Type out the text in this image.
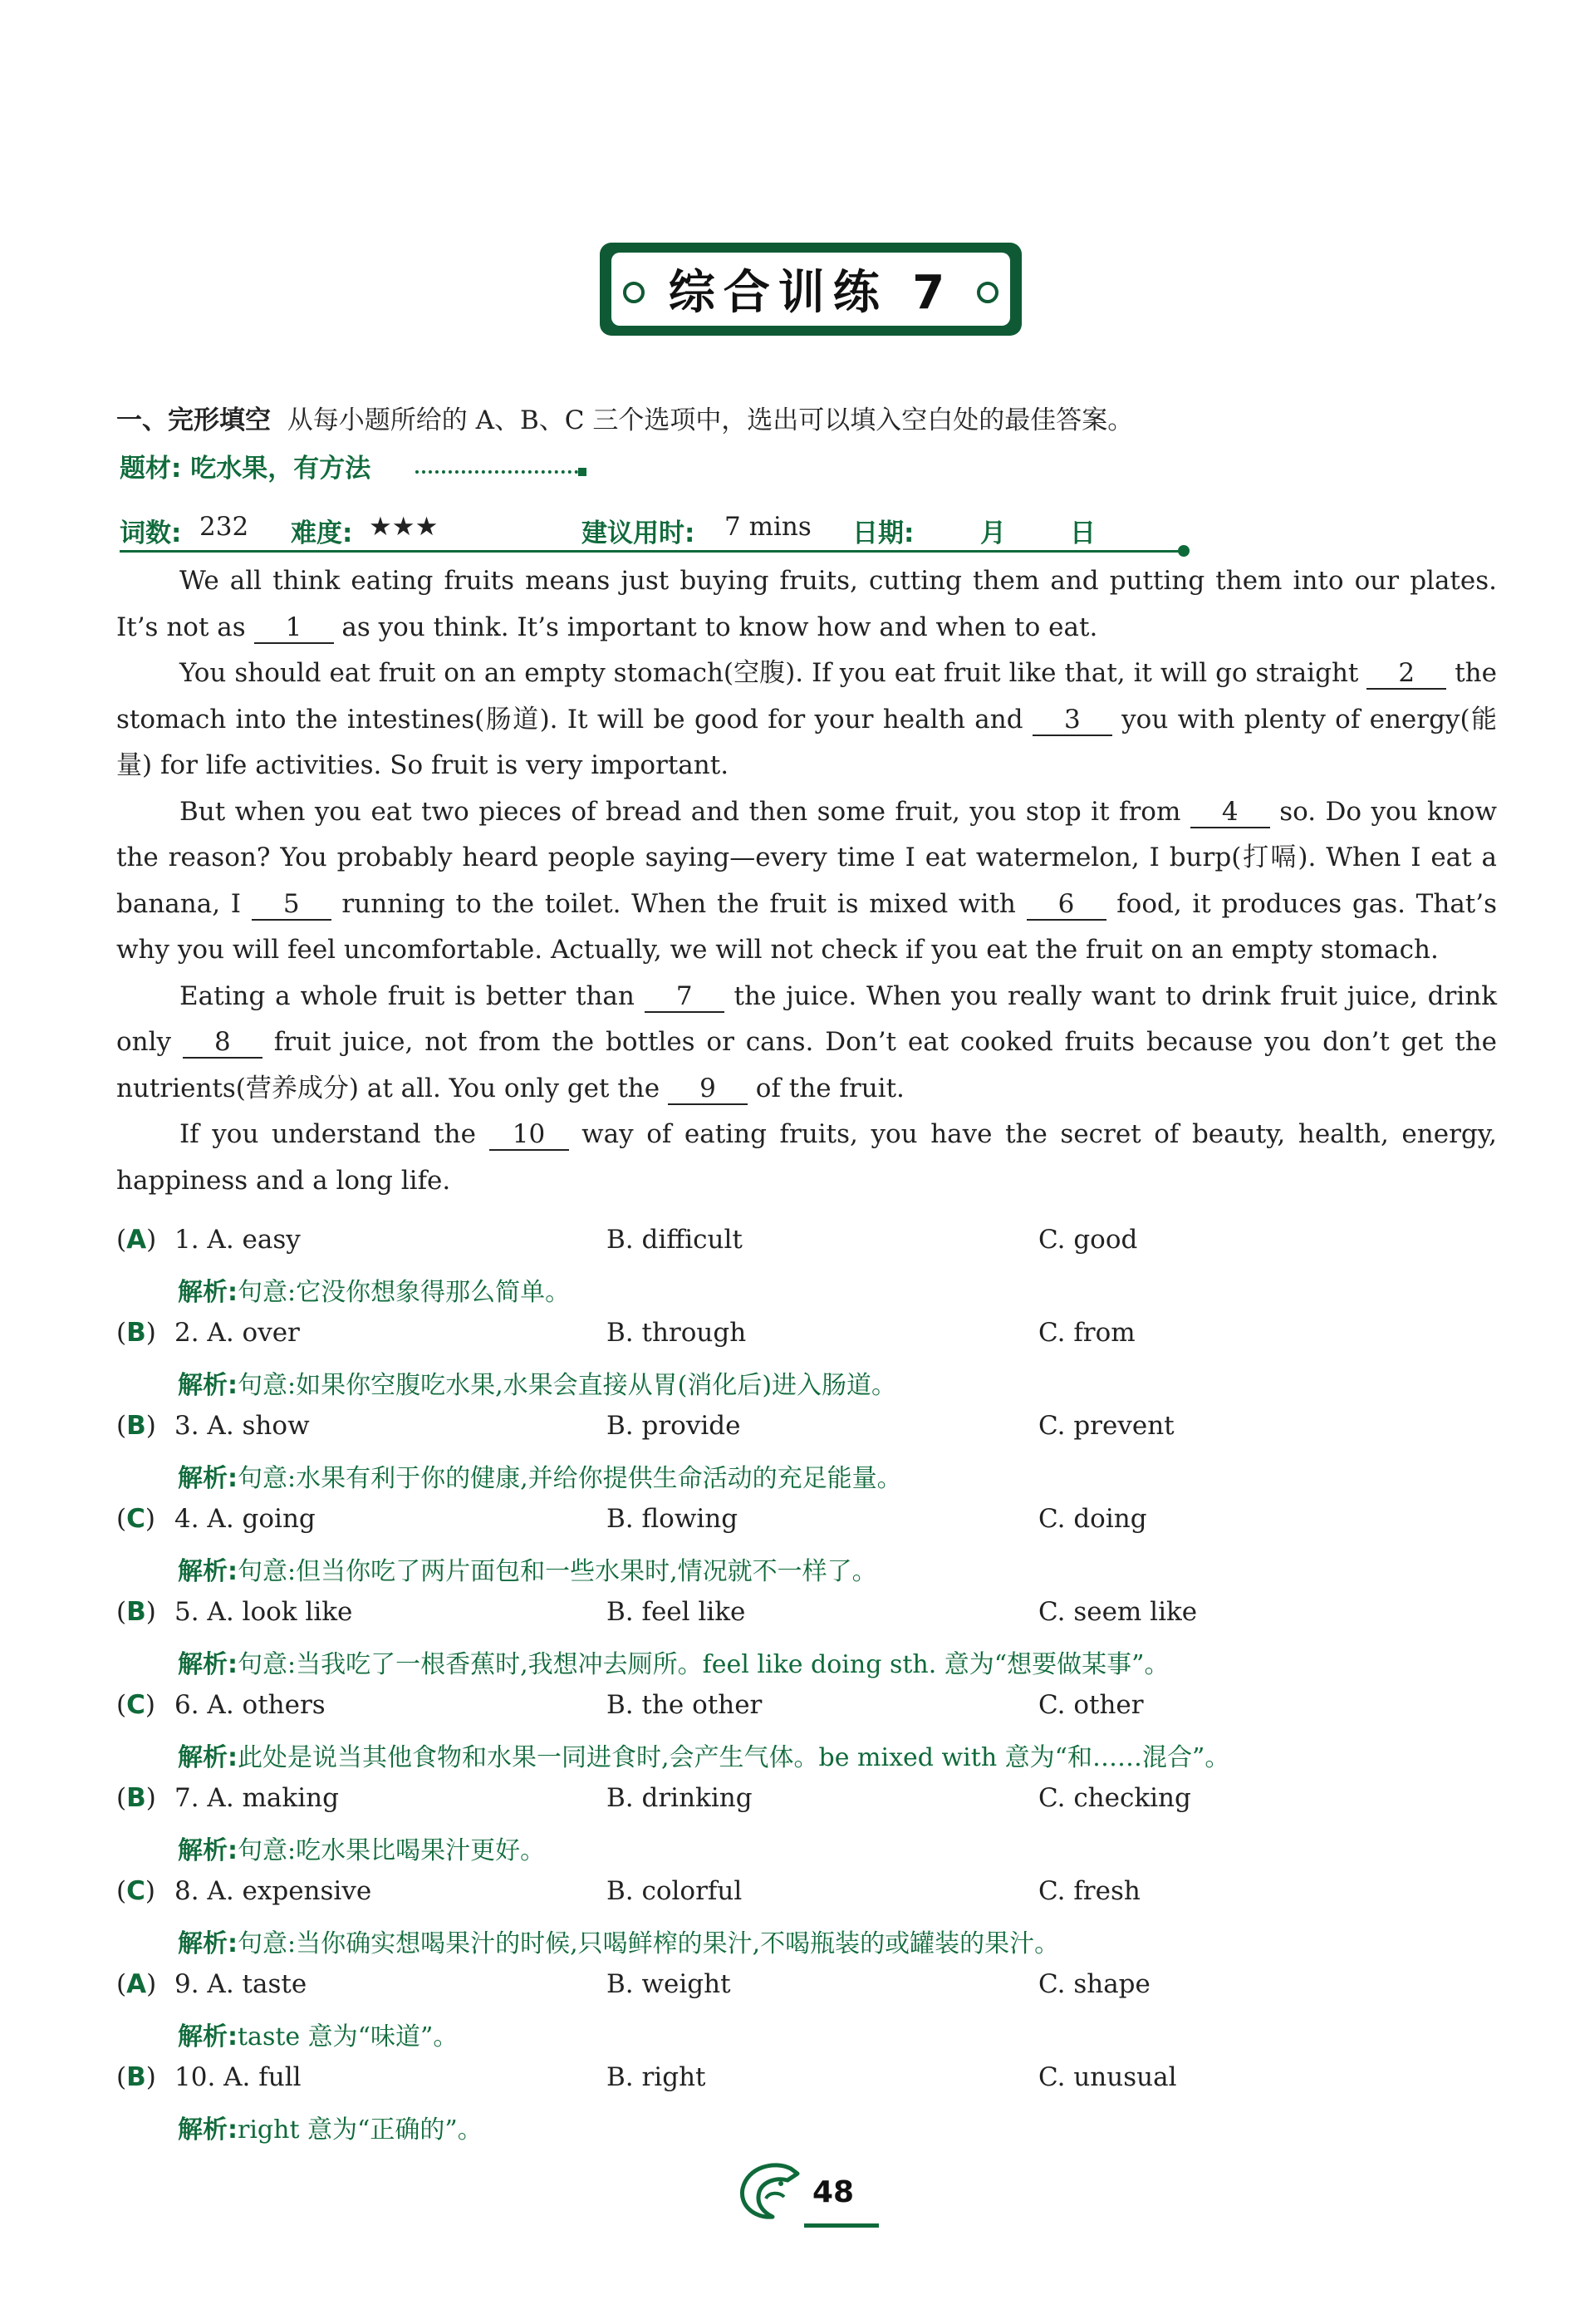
综合训练 7
一、完形填空 从每小题所给的 A、B、C 三个选项中，选出可以填入空白处的最佳答案。
题材: 吃水果，有方法
词数: 232 难度: ★★★	建议用时: 7 mins 日期:	月 日

We all think eating fruits means just buying fruits, cutting them and putting them into our plates. It’s not as 1 as you think. It’s important to know how and when to eat.

You should eat fruit on an empty stomach(空腹). If you eat fruit like that, it will go straight 2 the stomach into the intestines(肠道). It will be good for your health and 3 you with plenty of energy(能量) for life activities. So fruit is very important.

But when you eat two pieces of bread and then some fruit, you stop it from 4 so. Do you know the reason? You probably heard people saying—every time I eat watermelon, I burp(打嗝). When I eat a banana, I 5 running to the toilet. When the fruit is mixed with 6 food, it produces gas. That’s why you will feel uncomfortable. Actually, we will not check if you eat the fruit on an empty stomach.

Eating a whole fruit is better than 7 the juice. When you really want to drink fruit juice, drink only 8 fruit juice, not from the bottles or cans. Don’t eat cooked fruits because you don’t get the nutrients(营养成分) at all. You only get the 9 of the fruit.

If you understand the 10 way of eating fruits, you have the secret of beauty, health, energy, happiness and a long life.

(A) 1. A. easy	B. difficult	C. good
解析:句意:它没你想象得那么简单。
(B) 2. A. over	B. through	C. from
解析:句意:如果你空腹吃水果,水果会直接从胃(消化后)进入肠道。
(B) 3. A. show	B. provide	C. prevent
解析:句意:水果有利于你的健康,并给你提供生命活动的充足能量。
(C) 4. A. going	B. flowing	C. doing
解析:句意:但当你吃了两片面包和一些水果时,情况就不一样了。
(B) 5. A. look like	B. feel like	C. seem like
解析:句意:当我吃了一根香蕉时,我想冲去厕所。feel like doing sth. 意为“想要做某事”。
(C) 6. A. others	B. the other	C. other
解析:此处是说当其他食物和水果一同进食时,会产生气体。be mixed with 意为“和……混合”。
(B) 7. A. making	B. drinking	C. checking
解析:句意:吃水果比喝果汁更好。
(C) 8. A. expensive	B. colorful	C. fresh
解析:句意:当你确实想喝果汁的时候,只喝鲜榨的果汁,不喝瓶装的或罐装的果汁。
(A) 9. A. taste	B. weight	C. shape
解析:taste 意为“味道”。
(B) 10. A. full	B. right	C. unusual
解析:right 意为“正确的”。
48
